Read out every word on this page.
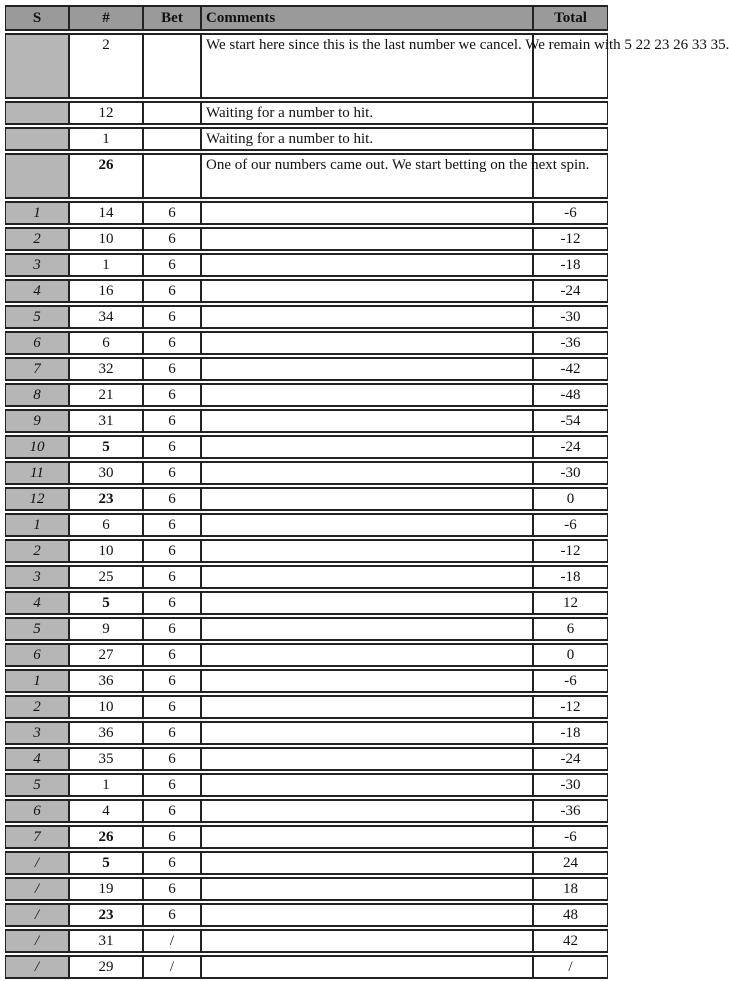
S	#	Bet	Comments	Total
	2		We start here since this is the last number we cancel. We remain with 5 22 23 26 33 35.	
	12		Waiting for a number to hit.	
	1		Waiting for a number to hit.	
	26		One of our numbers came out. We start betting on the next spin.	
1	14	6		-6
2	10	6		-12
3	1	6		-18
4	16	6		-24
5	34	6		-30
6	6	6		-36
7	32	6		-42
8	21	6		-48
9	31	6		-54
10	5	6		-24
11	30	6		-30
12	23	6		0
1	6	6		-6
2	10	6		-12
3	25	6		-18
4	5	6		12
5	9	6		6
6	27	6		0
1	36	6		-6
2	10	6		-12
3	36	6		-18
4	35	6		-24
5	1	6		-30
6	4	6		-36
7	26	6		-6
/	5	6		24
/	19	6		18
/	23	6		48
/	31	/		42
/	29	/		/
